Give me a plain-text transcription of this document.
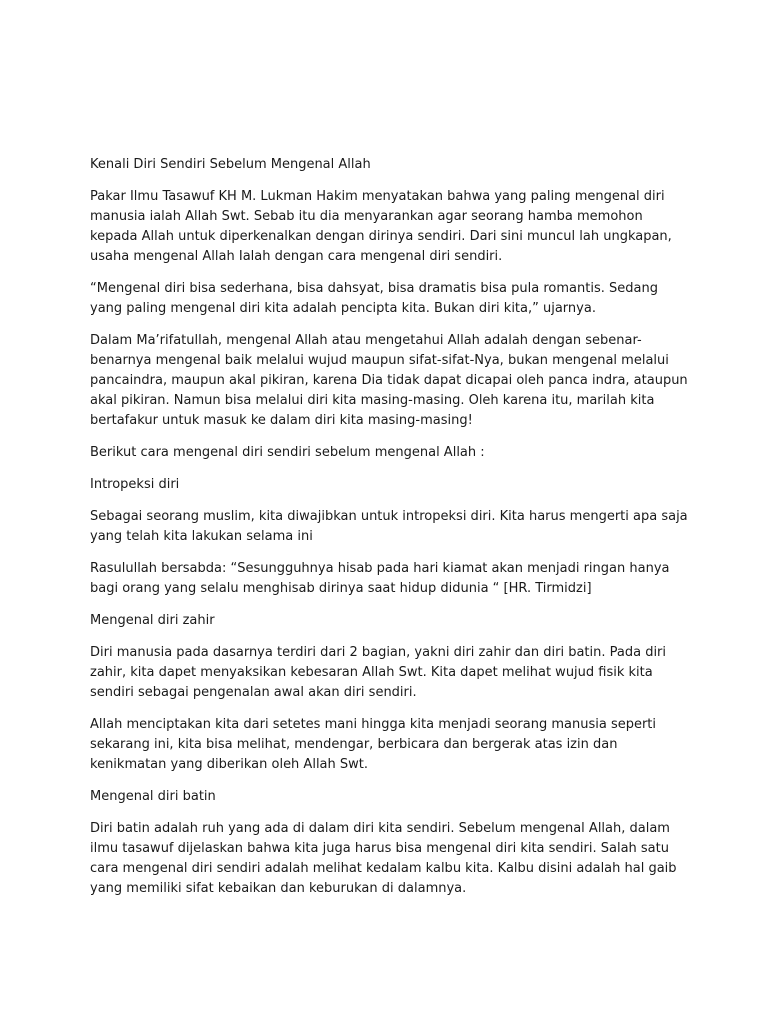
Kenali Diri Sendiri Sebelum Mengenal Allah

Pakar Ilmu Tasawuf KH M. Lukman Hakim menyatakan bahwa yang paling mengenal diri manusia ialah Allah Swt. Sebab itu dia menyarankan agar seorang hamba memohon kepada Allah untuk diperkenalkan dengan dirinya sendiri. Dari sini muncul lah ungkapan, usaha mengenal Allah Ialah dengan cara mengenal diri sendiri.

“Mengenal diri bisa sederhana, bisa dahsyat, bisa dramatis bisa pula romantis. Sedang yang paling mengenal diri kita adalah pencipta kita. Bukan diri kita,” ujarnya.

Dalam Ma’rifatullah, mengenal Allah atau mengetahui Allah adalah dengan sebenar-benarnya mengenal baik melalui wujud maupun sifat-sifat-Nya, bukan mengenal melalui pancaindra, maupun akal pikiran, karena Dia tidak dapat dicapai oleh panca indra, ataupun akal pikiran. Namun bisa melalui diri kita masing-masing. Oleh karena itu, marilah kita bertafakur untuk masuk ke dalam diri kita masing-masing!

Berikut cara mengenal diri sendiri sebelum mengenal Allah :

Intropeksi diri

Sebagai seorang muslim, kita diwajibkan untuk intropeksi diri. Kita harus mengerti apa saja yang telah kita lakukan selama ini

Rasulullah bersabda: “Sesungguhnya hisab pada hari kiamat akan menjadi ringan hanya bagi orang yang selalu menghisab dirinya saat hidup didunia “ [HR. Tirmidzi]

Mengenal diri zahir

Diri manusia pada dasarnya terdiri dari 2 bagian, yakni diri zahir dan diri batin. Pada diri zahir, kita dapet menyaksikan kebesaran Allah Swt. Kita dapet melihat wujud fisik kita sendiri sebagai pengenalan awal akan diri sendiri.

Allah menciptakan kita dari setetes mani hingga kita menjadi seorang manusia seperti sekarang ini, kita bisa melihat, mendengar, berbicara dan bergerak atas izin dan kenikmatan yang diberikan oleh Allah Swt.

Mengenal diri batin

Diri batin adalah ruh yang ada di dalam diri kita sendiri. Sebelum mengenal Allah, dalam ilmu tasawuf dijelaskan bahwa kita juga harus bisa mengenal diri kita sendiri. Salah satu cara mengenal diri sendiri adalah melihat kedalam kalbu kita. Kalbu disini adalah hal gaib yang memiliki sifat kebaikan dan keburukan di dalamnya.
